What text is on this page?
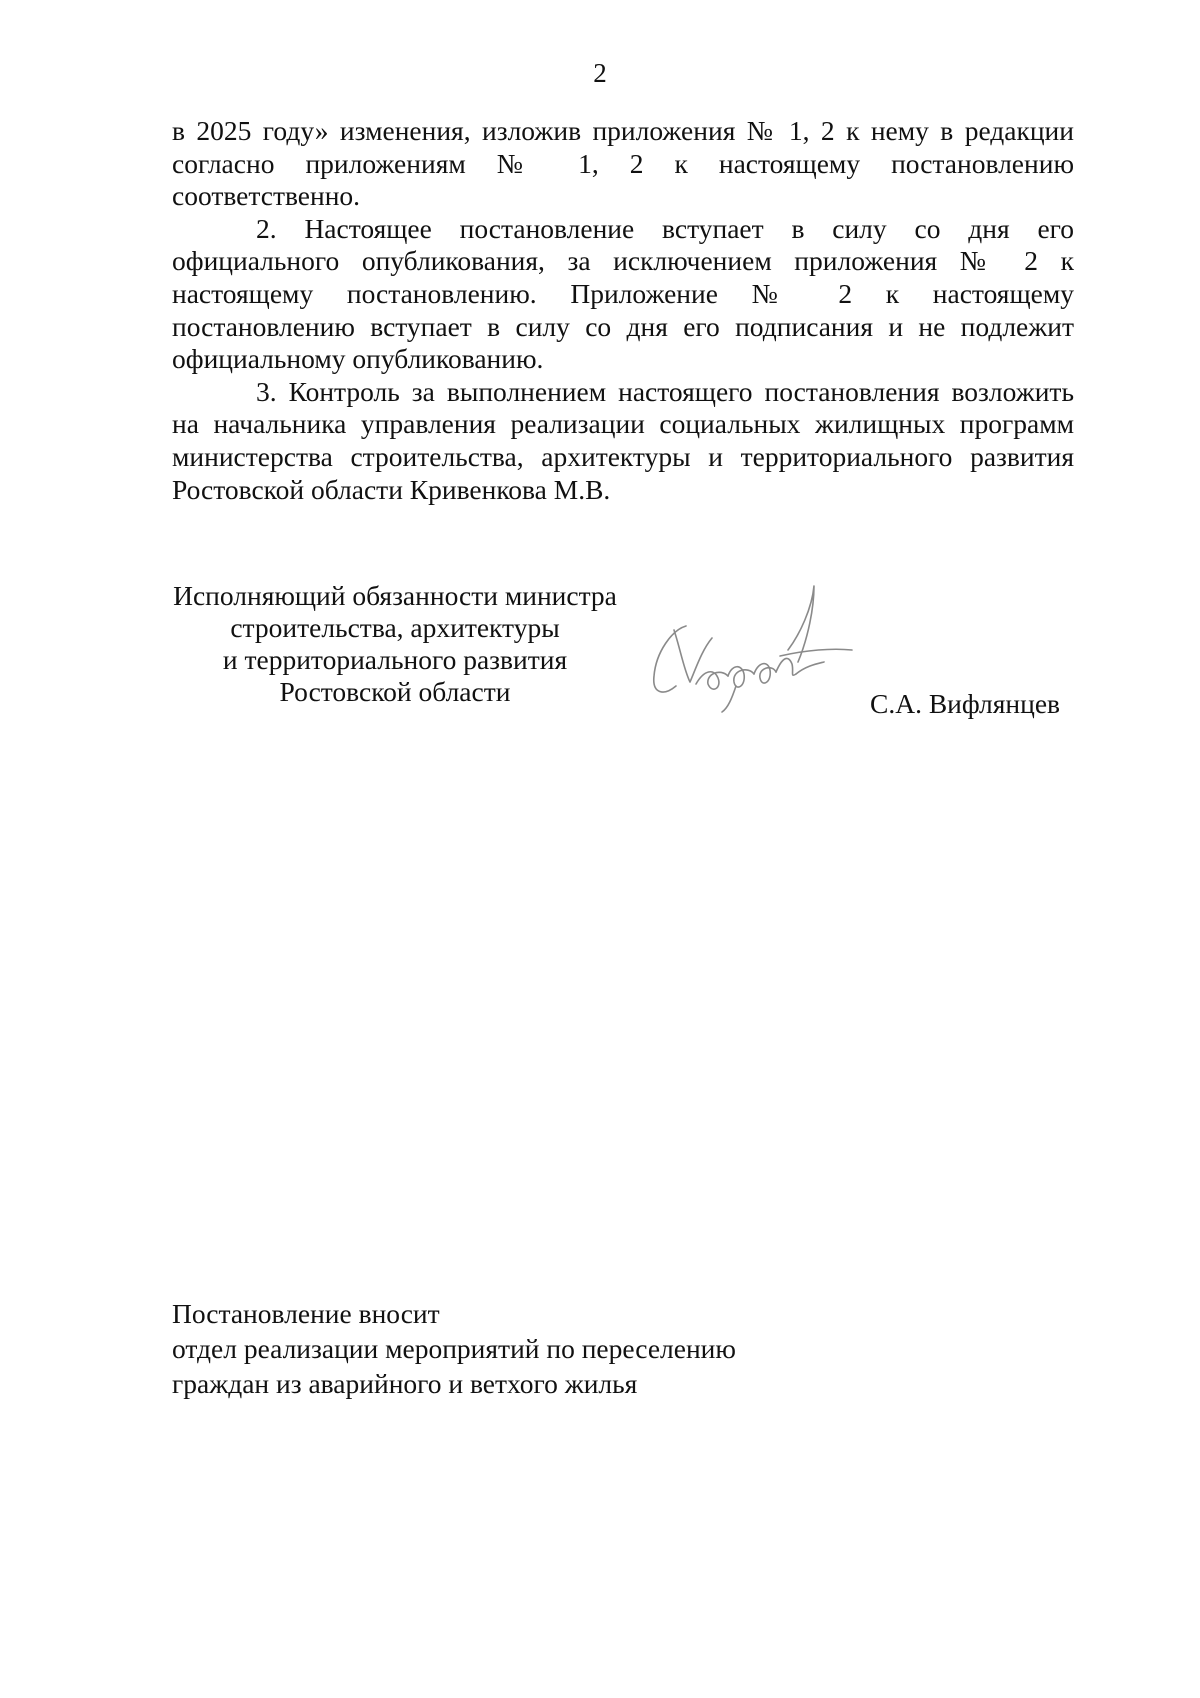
2

в 2025 году» изменения, изложив приложения № 1, 2 к нему в редакции согласно приложениям № 1, 2 к настоящему постановлению соответственно.

2. Настоящее постановление вступает в силу со дня его официального опубликования, за исключением приложения № 2 к настоящему постановлению. Приложение № 2 к настоящему постановлению вступает в силу со дня его подписания и не подлежит официальному опубликованию.

3. Контроль за выполнением настоящего постановления возложить на начальника управления реализации социальных жилищных программ министерства строительства, архитектуры и территориального развития Ростовской области Кривенкова М.В.

Исполняющий обязанности министра
строительства, архитектуры
и территориального развития
Ростовской области	С.А. Вифлянцев
Постановление вносит
отдел реализации мероприятий по переселению
граждан из аварийного и ветхого жилья
